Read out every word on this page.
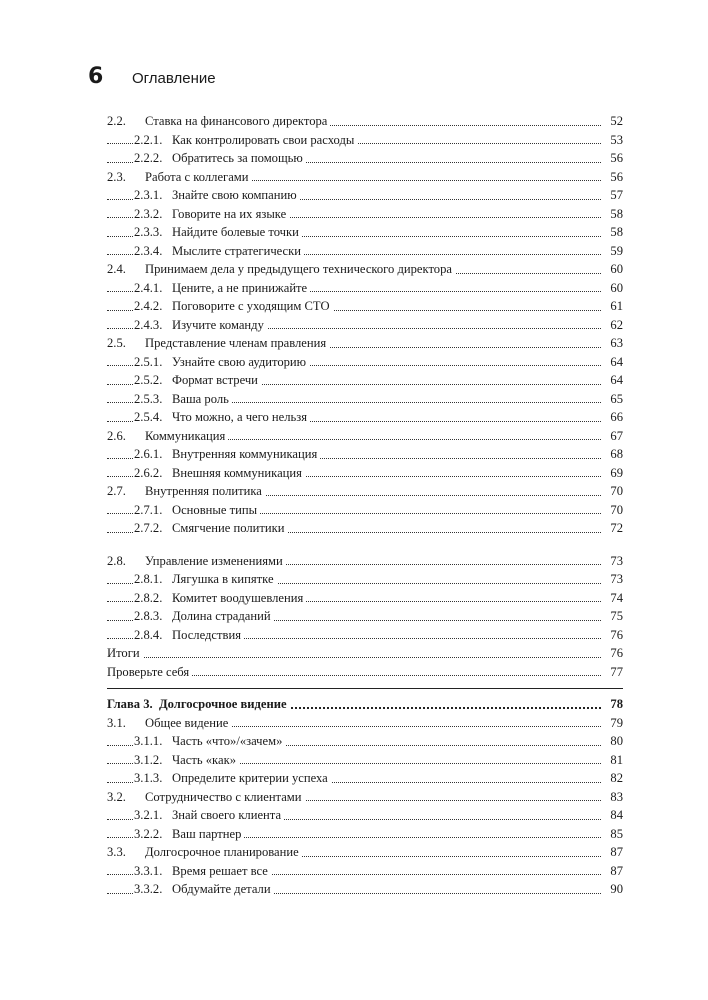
6	Оглавление
2.2. Ставка на финансового директора	52
2.2.1. Как контролировать свои расходы	53
2.2.2. Обратитесь за помощью	56
2.3. Работа с коллегами	56
2.3.1. Знайте свою компанию	57
2.3.2. Говорите на их языке	58
2.3.3. Найдите болевые точки	58
2.3.4. Мыслите стратегически	59
2.4. Принимаем дела у предыдущего технического директора	60
2.4.1. Цените, а не принижайте	60
2.4.2. Поговорите с уходящим СТО	61
2.4.3. Изучите команду	62
2.5. Представление членам правления	63
2.5.1. Узнайте свою аудиторию	64
2.5.2. Формат встречи	64
2.5.3. Ваша роль	65
2.5.4. Что можно, а чего нельзя	66
2.6. Коммуникация	67
2.6.1. Внутренняя коммуникация	68
2.6.2. Внешняя коммуникация	69
2.7. Внутренняя политика	70
2.7.1. Основные типы	70
2.7.2. Смягчение политики	72
2.8. Управление изменениями	73
2.8.1. Лягушка в кипятке	73
2.8.2. Комитет воодушевления	74
2.8.3. Долина страданий	75
2.8.4. Последствия	76
Итоги	76
Проверьте себя	77
Глава 3. Долгосрочное видение	78
3.1. Общее видение	79
3.1.1. Часть «что»/«зачем»	80
3.1.2. Часть «как»	81
3.1.3. Определите критерии успеха	82
3.2. Сотрудничество с клиентами	83
3.2.1. Знай своего клиента	84
3.2.2. Ваш партнер	85
3.3. Долгосрочное планирование	87
3.3.1. Время решает все	87
3.3.2. Обдумайте детали	90
